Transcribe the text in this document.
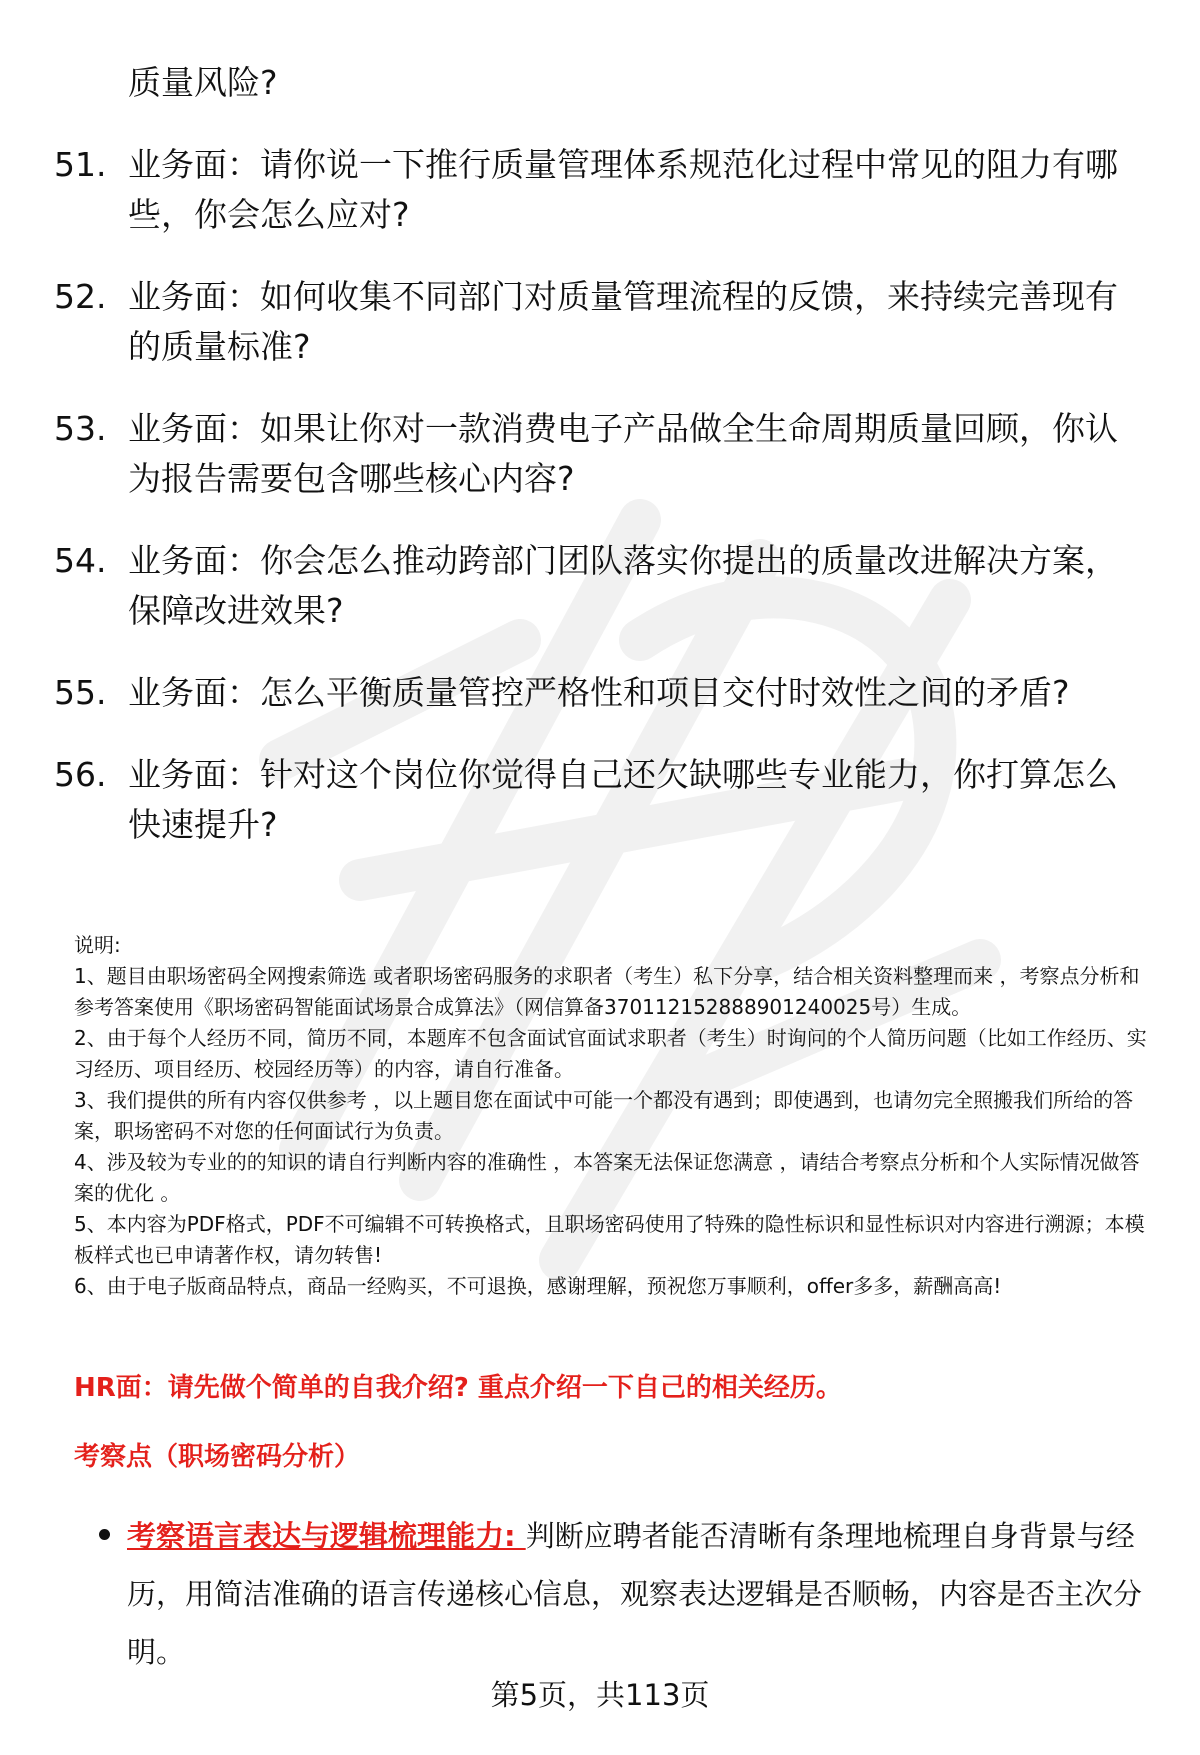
质量风险?
51. 业务面：请你说一下推行质量管理体系规范化过程中常见的阻力有哪些，你会怎么应对?
52. 业务面：如何收集不同部门对质量管理流程的反馈，来持续完善现有的质量标准?
53. 业务面：如果让你对一款消费电子产品做全生命周期质量回顾，你认为报告需要包含哪些核心内容?
54. 业务面：你会怎么推动跨部门团队落实你提出的质量改进解决方案，保障改进效果?
55. 业务面：怎么平衡质量管控严格性和项目交付时效性之间的矛盾?
56. 业务面：针对这个岗位你觉得自己还欠缺哪些专业能力，你打算怎么快速提升?

说明:

1、题目由职场密码全网搜索筛选 或者职场密码服务的求职者（考生）私下分享，结合相关资料整理而来 ，考察点分析和参考答案使用《职场密码智能面试场景合成算法》（网信算备370112152888901240025号）生成。

2、由于每个人经历不同，简历不同，本题库不包含面试官面试求职者（考生）时询问的个人简历问题（比如工作经历、实习经历、项目经历、校园经历等）的内容，请自行准备。

3、我们提供的所有内容仅供参考 ，以上题目您在面试中可能一个都没有遇到；即使遇到，也请勿完全照搬我们所给的答案，职场密码不对您的任何面试行为负责。

4、涉及较为专业的的知识的请自行判断内容的准确性 ，本答案无法保证您满意 ，请结合考察点分析和个人实际情况做答案的优化 。

5、本内容为PDF格式，PDF不可编辑不可转换格式，且职场密码使用了特殊的隐性标识和显性标识对内容进行溯源；本模板样式也已申请著作权，请勿转售!

6、由于电子版商品特点，商品一经购买，不可退换，感谢理解，预祝您万事顺利，offer多多，薪酬高高!

HR面：请先做个简单的自我介绍? 重点介绍一下自己的相关经历。
考察点（职场密码分析）
考察语言表达与逻辑梳理能力: 判断应聘者能否清晰有条理地梳理自身背景与经历，用简洁准确的语言传递核心信息，观察表达逻辑是否顺畅，内容是否主次分明。
第5页，共113页
